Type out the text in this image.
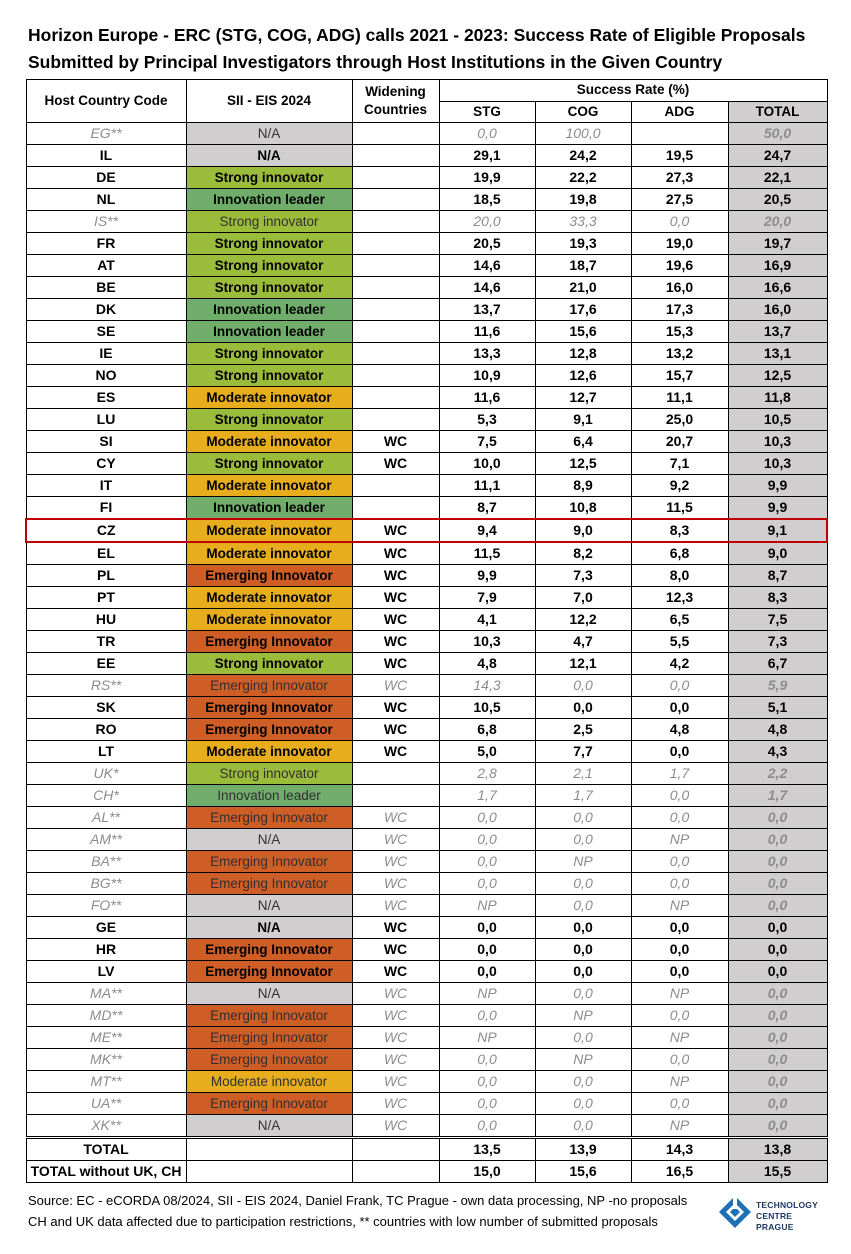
Horizon Europe - ERC (STG, COG, ADG) calls 2021 - 2023: Success Rate of Eligible Proposals
Submitted by Principal Investigators through Host Institutions in the Given Country
Host Country Code	SII - EIS 2024	Widening Countries	Success Rate (%)			
			STG	COG	ADG	TOTAL
EG**	N/A		0,0	100,0		50,0
IL	N/A		29,1	24,2	19,5	24,7
DE	Strong innovator		19,9	22,2	27,3	22,1
NL	Innovation leader		18,5	19,8	27,5	20,5
IS**	Strong innovator		20,0	33,3	0,0	20,0
FR	Strong innovator		20,5	19,3	19,0	19,7
AT	Strong innovator		14,6	18,7	19,6	16,9
BE	Strong innovator		14,6	21,0	16,0	16,6
DK	Innovation leader		13,7	17,6	17,3	16,0
SE	Innovation leader		11,6	15,6	15,3	13,7
IE	Strong innovator		13,3	12,8	13,2	13,1
NO	Strong innovator		10,9	12,6	15,7	12,5
ES	Moderate innovator		11,6	12,7	11,1	11,8
LU	Strong innovator		5,3	9,1	25,0	10,5
SI	Moderate innovator	WC	7,5	6,4	20,7	10,3
CY	Strong innovator	WC	10,0	12,5	7,1	10,3
IT	Moderate innovator		11,1	8,9	9,2	9,9
FI	Innovation leader		8,7	10,8	11,5	9,9
CZ	Moderate innovator	WC	9,4	9,0	8,3	9,1
EL	Moderate innovator	WC	11,5	8,2	6,8	9,0
PL	Emerging Innovator	WC	9,9	7,3	8,0	8,7
PT	Moderate innovator	WC	7,9	7,0	12,3	8,3
HU	Moderate innovator	WC	4,1	12,2	6,5	7,5
TR	Emerging Innovator	WC	10,3	4,7	5,5	7,3
EE	Strong innovator	WC	4,8	12,1	4,2	6,7
RS**	Emerging Innovator	WC	14,3	0,0	0,0	5,9
SK	Emerging Innovator	WC	10,5	0,0	0,0	5,1
RO	Emerging Innovator	WC	6,8	2,5	4,8	4,8
LT	Moderate innovator	WC	5,0	7,7	0,0	4,3
UK*	Strong innovator		2,8	2,1	1,7	2,2
CH*	Innovation leader		1,7	1,7	0,0	1,7
AL**	Emerging Innovator	WC	0,0	0,0	0,0	0,0
AM**	N/A	WC	0,0	0,0	NP	0,0
BA**	Emerging Innovator	WC	0,0	NP	0,0	0,0
BG**	Emerging Innovator	WC	0,0	0,0	0,0	0,0
FO**	N/A	WC	NP	0,0	NP	0,0
GE	N/A	WC	0,0	0,0	0,0	0,0
HR	Emerging Innovator	WC	0,0	0,0	0,0	0,0
LV	Emerging Innovator	WC	0,0	0,0	0,0	0,0
MA**	N/A	WC	NP	0,0	NP	0,0
MD**	Emerging Innovator	WC	0,0	NP	0,0	0,0
ME**	Emerging Innovator	WC	NP	0,0	NP	0,0
MK**	Emerging Innovator	WC	0,0	NP	0,0	0,0
MT**	Moderate innovator	WC	0,0	0,0	NP	0,0
UA**	Emerging Innovator	WC	0,0	0,0	0,0	0,0
XK**	N/A	WC	0,0	0,0	NP	0,0
TOTAL			13,5	13,9	14,3	13,8
TOTAL without UK, CH			15,0	15,6	16,5	15,5
Source: EC - eCORDA 08/2024, SII - EIS 2024, Daniel Frank, TC Prague - own data processing, NP -no proposals
CH and UK data affected due to participation restrictions, ** countries with low number of submitted proposals
TECHNOLOGY
CENTRE PRAGUE
